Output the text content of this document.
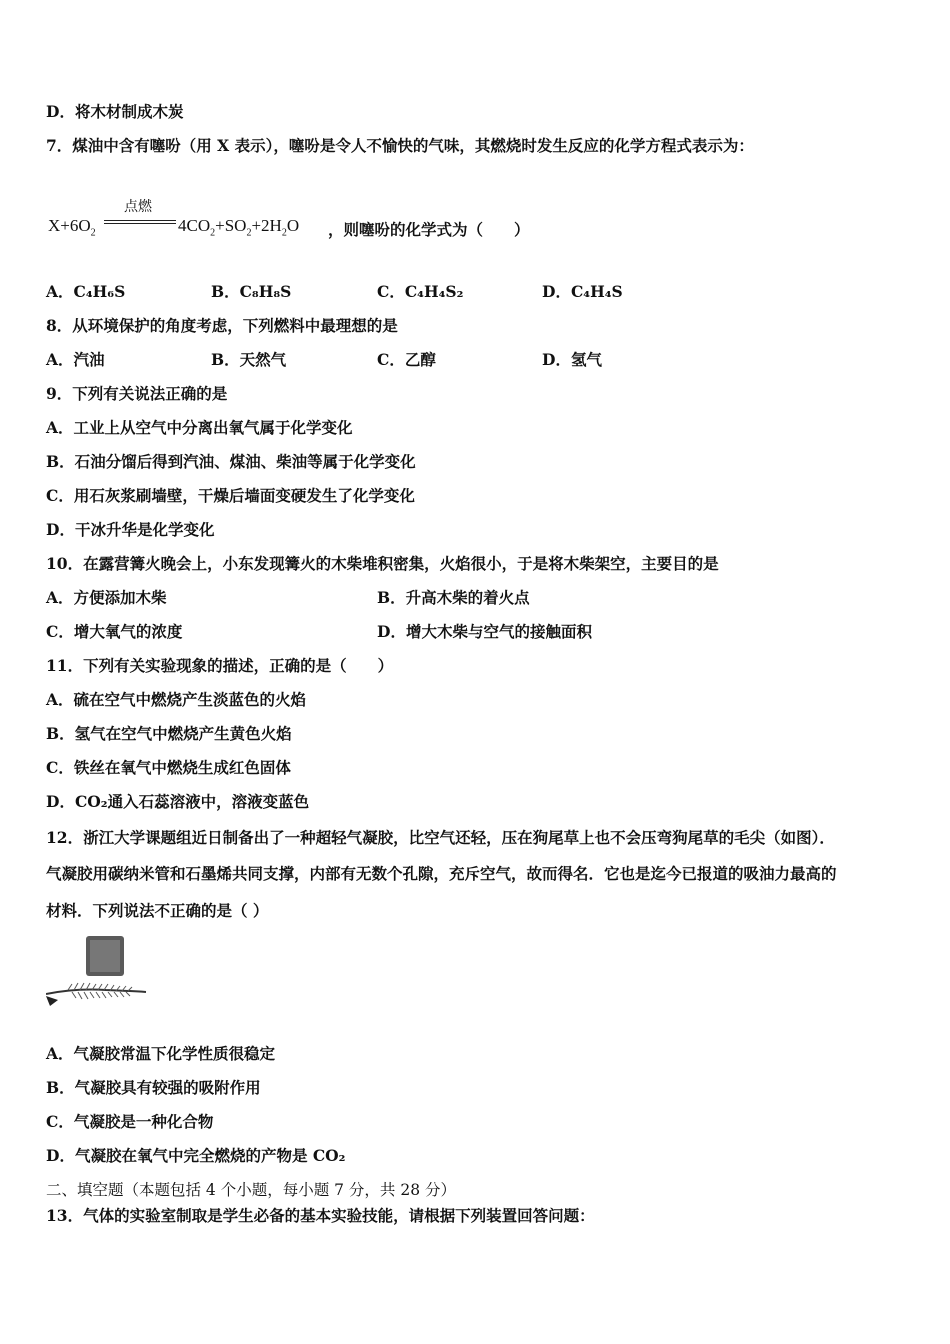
D．将木材制成木炭
7．煤油中含有噻吩（用 X 表示），噻吩是令人不愉快的气味，其燃烧时发生反应的化学方程式表示为：
$X+6O_2$
点燃
$4CO_2+SO_2+2H_2O$ ，则噻吩的化学式为（　　）
A．C₄H₆S	B．C₈H₈S	C．C₄H₄S₂	D．C₄H₄S
8．从环境保护的角度考虑，下列燃料中最理想的是
A．汽油	B．天然气	C．乙醇	D．氢气
9．下列有关说法正确的是
A．工业上从空气中分离出氧气属于化学变化
B．石油分馏后得到汽油、煤油、柴油等属于化学变化
C．用石灰浆刷墙壁，干燥后墙面变硬发生了化学变化
D．干冰升华是化学变化
10．在露营篝火晚会上，小东发现篝火的木柴堆积密集，火焰很小，于是将木柴架空，主要目的是
A．方便添加木柴	B．升高木柴的着火点
C．增大氧气的浓度	D．增大木柴与空气的接触面积
11．下列有关实验现象的描述，正确的是（　　）
A．硫在空气中燃烧产生淡蓝色的火焰
B．氢气在空气中燃烧产生黄色火焰
C．铁丝在氧气中燃烧生成红色固体
D．CO₂通入石蕊溶液中，溶液变蓝色
12．浙江大学课题组近日制备出了一种超轻气凝胶，比空气还轻，压在狗尾草上也不会压弯狗尾草的毛尖（如图）．
气凝胶用碳纳米管和石墨烯共同支撑，内部有无数个孔隙，充斥空气，故而得名．它也是迄今已报道的吸油力最高的
材料．下列说法不正确的是（ ）
A．气凝胶常温下化学性质很稳定
B．气凝胶具有较强的吸附作用
C．气凝胶是一种化合物
D．气凝胶在氧气中完全燃烧的产物是 CO₂
二、填空题（本题包括 4 个小题，每小题 7 分，共 28 分）
13．气体的实验室制取是学生必备的基本实验技能，请根据下列装置回答问题：
